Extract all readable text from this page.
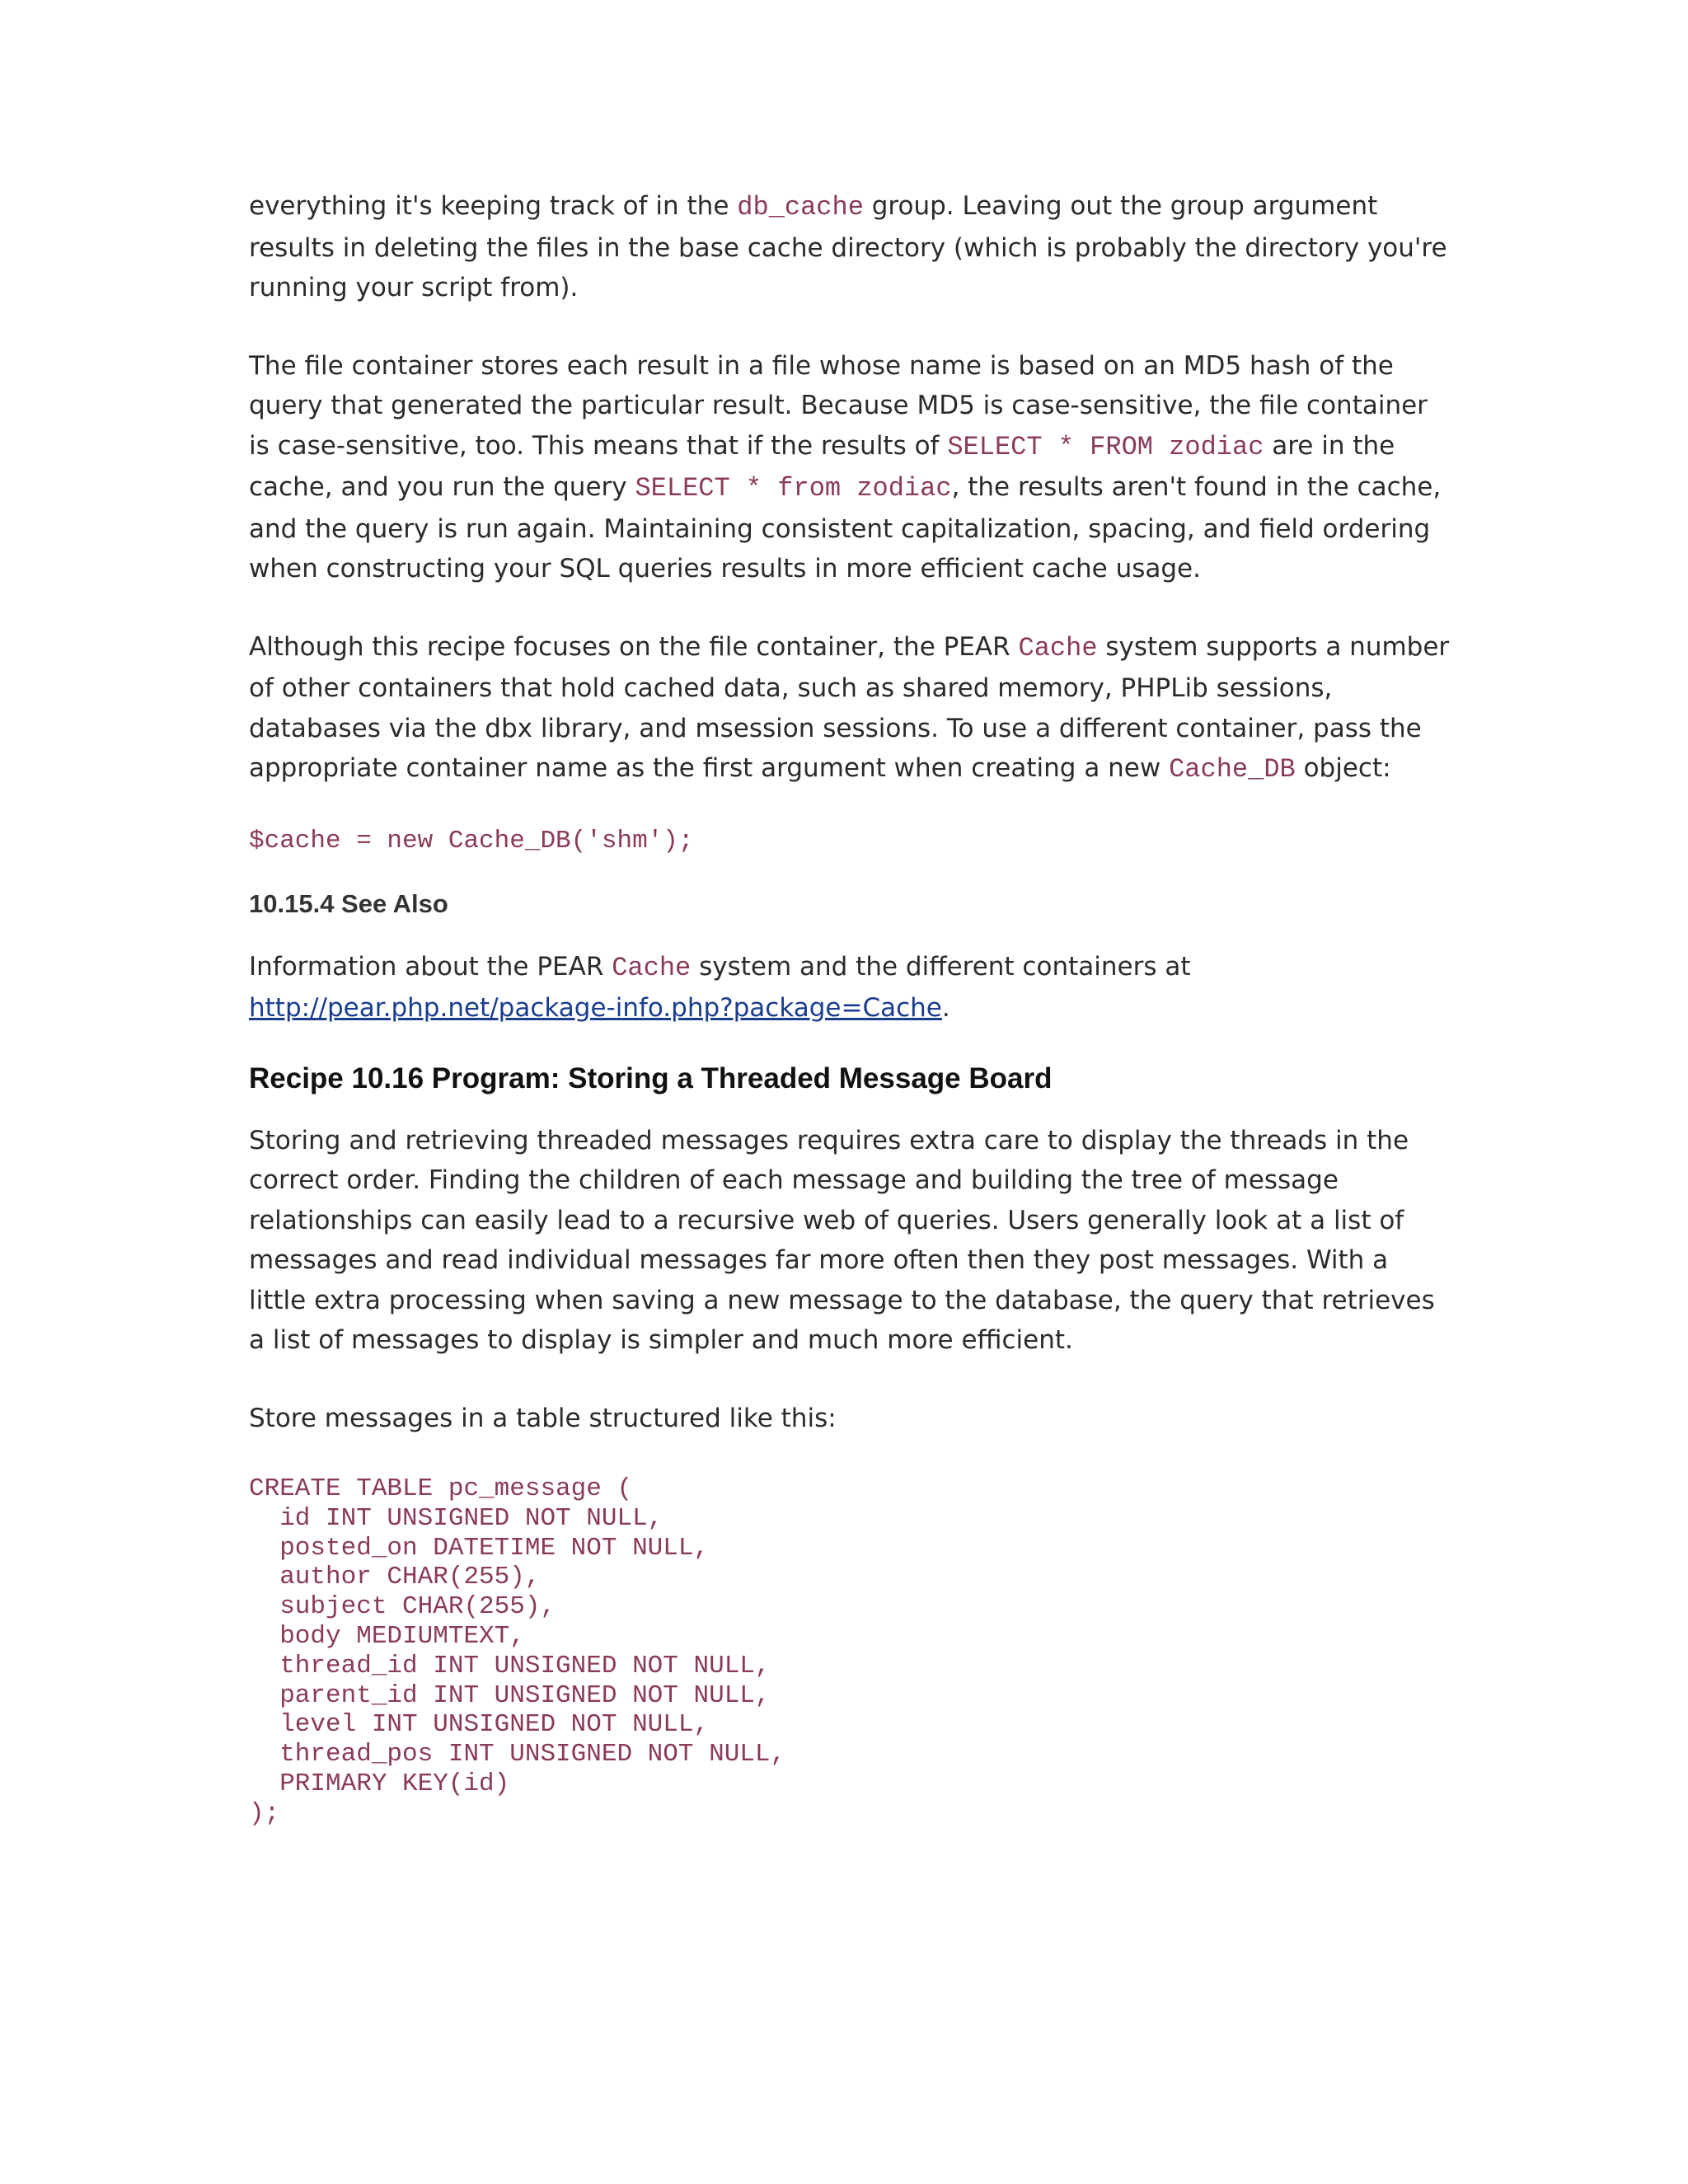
everything it's keeping track of in the db_cache group. Leaving out the group argument results in deleting the files in the base cache directory (which is probably the directory you're running your script from).

The file container stores each result in a file whose name is based on an MD5 hash of the query that generated the particular result. Because MD5 is case-sensitive, the file container is case-sensitive, too. This means that if the results of SELECT * FROM zodiac are in the cache, and you run the query SELECT * from zodiac, the results aren't found in the cache, and the query is run again. Maintaining consistent capitalization, spacing, and field ordering when constructing your SQL queries results in more efficient cache usage.

Although this recipe focuses on the file container, the PEAR Cache system supports a number of other containers that hold cached data, such as shared memory, PHPLib sessions, databases via the dbx library, and msession sessions. To use a different container, pass the appropriate container name as the first argument when creating a new Cache_DB object:

$cache = new Cache_DB('shm');
10.15.4 See Also

Information about the PEAR Cache system and the different containers at http://pear.php.net/package-info.php?package=Cache.

Recipe 10.16 Program: Storing a Threaded Message Board

Storing and retrieving threaded messages requires extra care to display the threads in the correct order. Finding the children of each message and building the tree of message relationships can easily lead to a recursive web of queries. Users generally look at a list of messages and read individual messages far more often then they post messages. With a little extra processing when saving a new message to the database, the query that retrieves a list of messages to display is simpler and much more efficient.

Store messages in a table structured like this:

CREATE TABLE pc_message (
id INT UNSIGNED NOT NULL,
posted_on DATETIME NOT NULL,
author CHAR(255),
subject CHAR(255),
body MEDIUMTEXT,
thread_id INT UNSIGNED NOT NULL,
parent_id INT UNSIGNED NOT NULL,
level INT UNSIGNED NOT NULL,
thread_pos INT UNSIGNED NOT NULL,
PRIMARY KEY(id)
);
